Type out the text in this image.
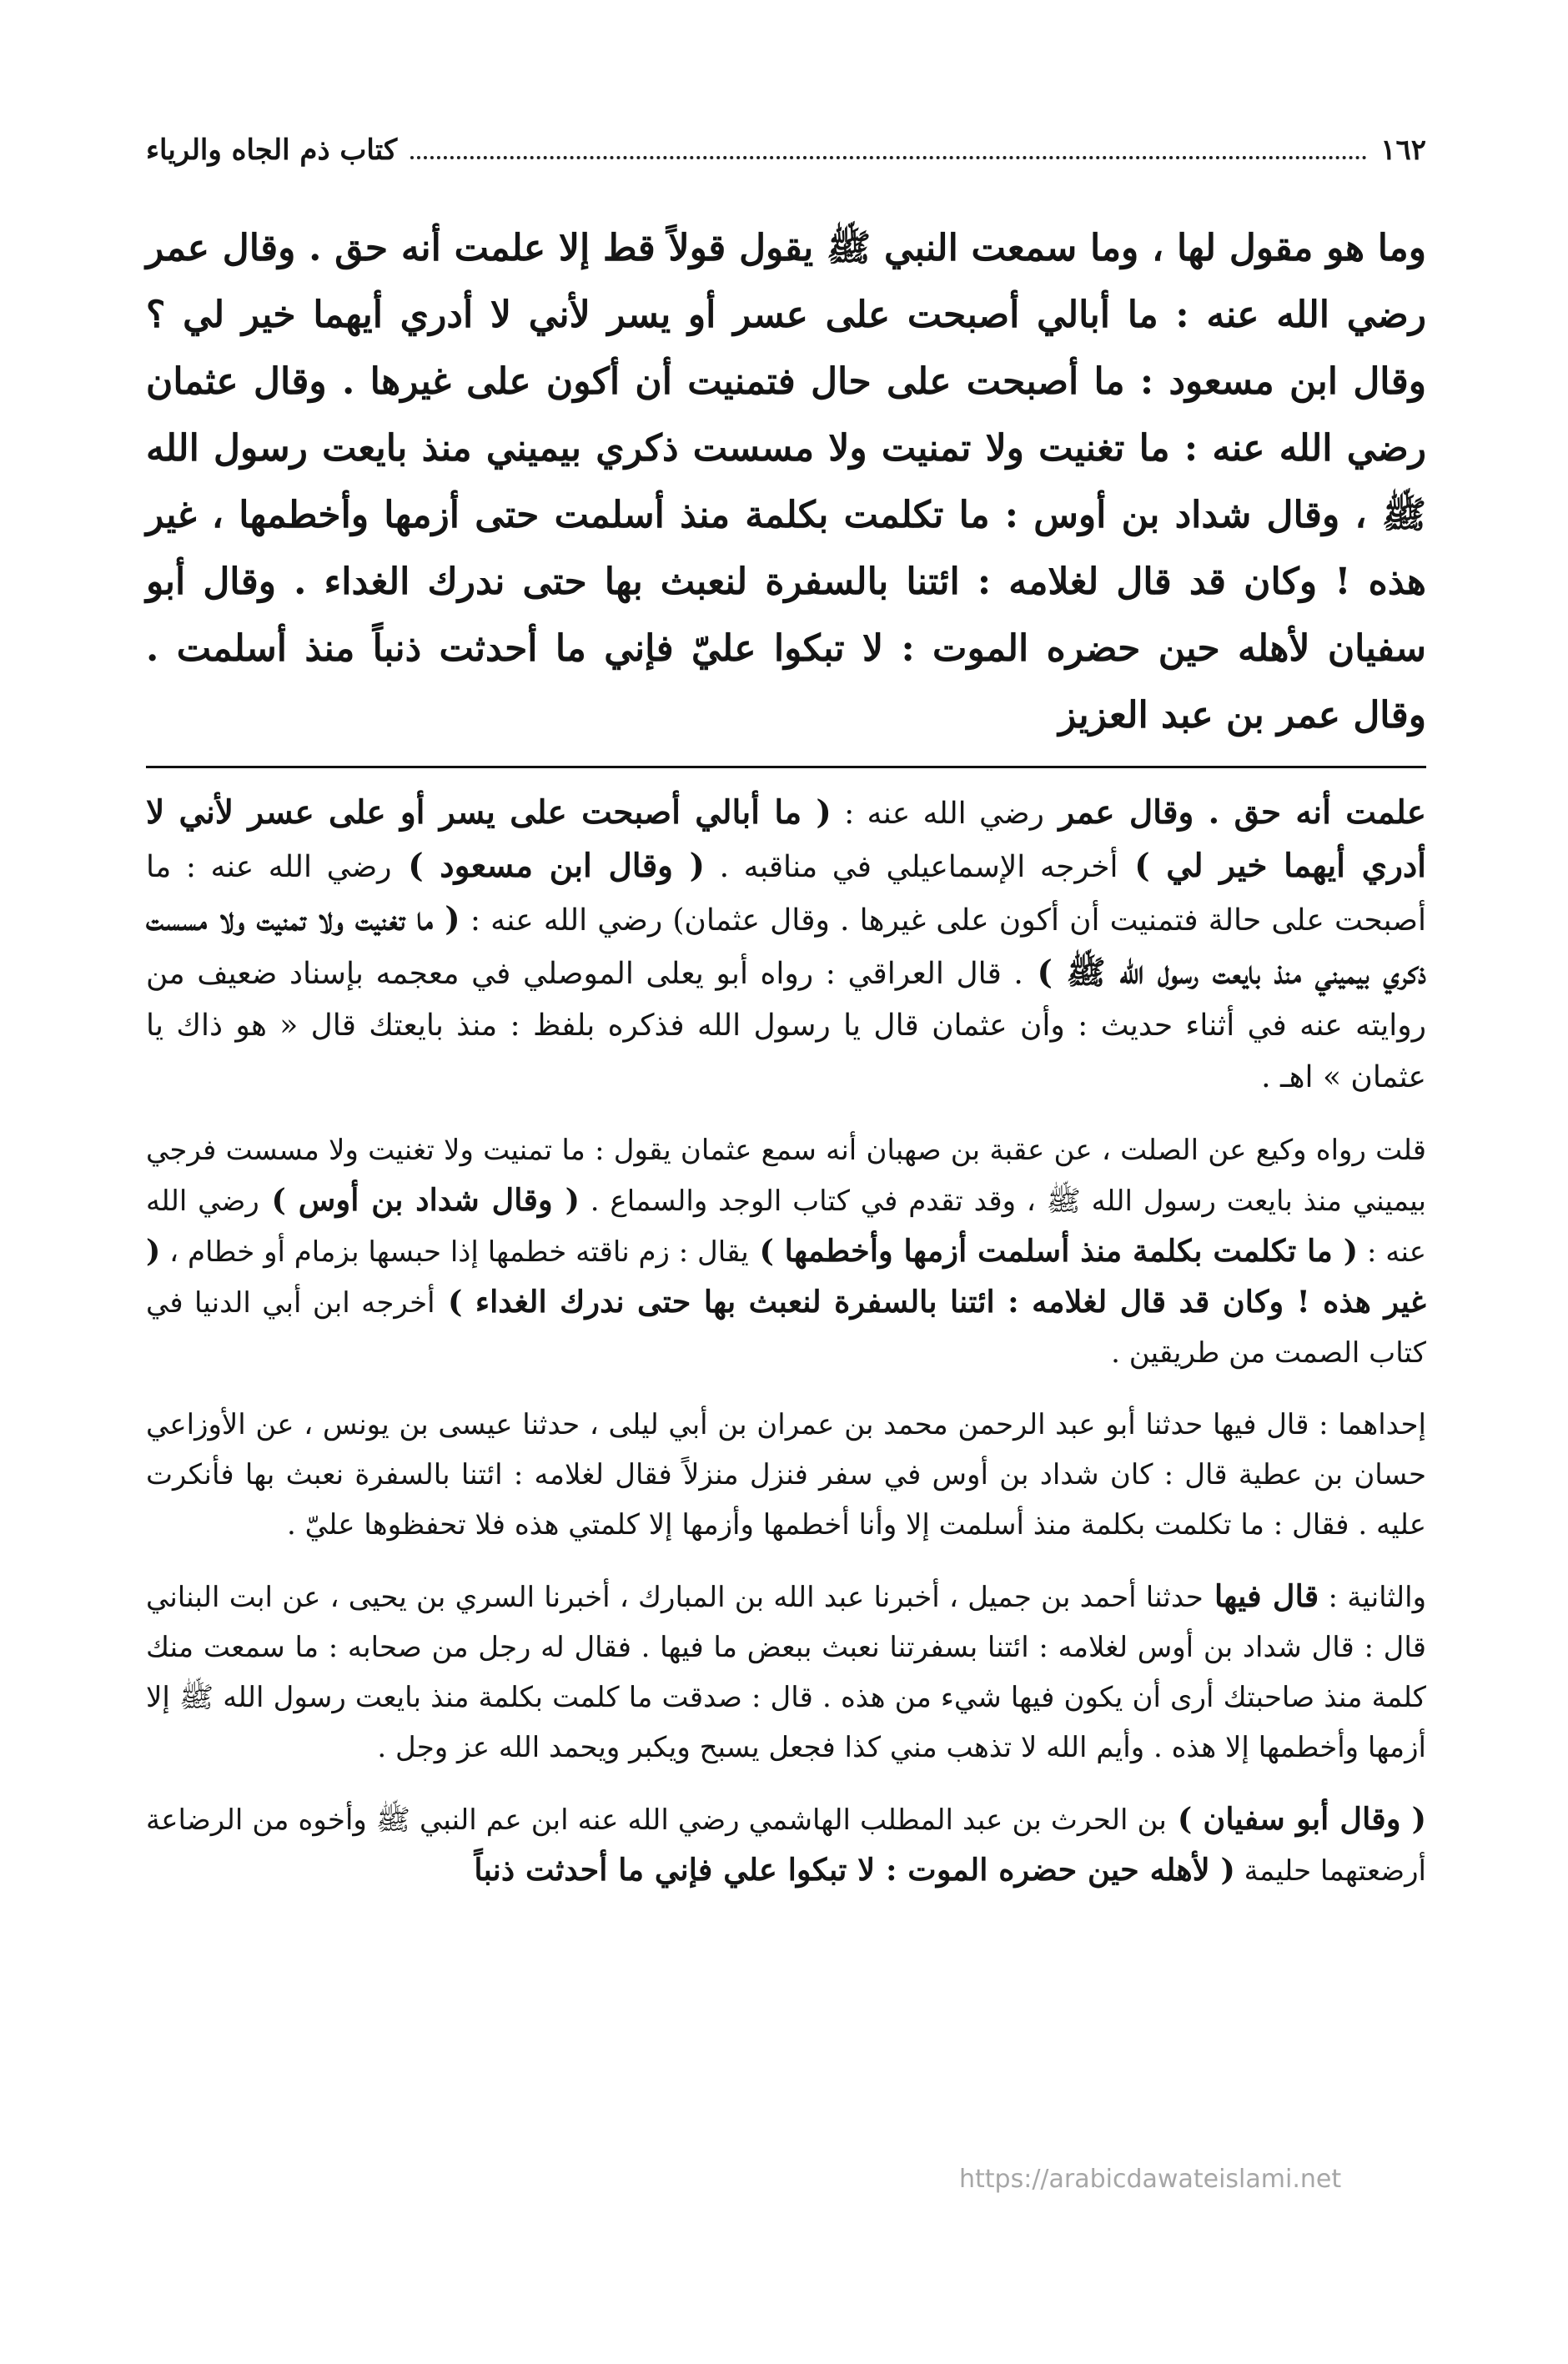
١٦٢
كتاب ذم الجاه والرياء

وما هو مقول لها ، وما سمعت النبي ﷺ يقول قولاً قط إلا علمت أنه حق . وقال عمر رضي الله عنه : ما أبالي أصبحت على عسر أو يسر لأني لا أدري أيهما خير لي ؟ وقال ابن مسعود : ما أصبحت على حال فتمنيت أن أكون على غيرها . وقال عثمان رضي الله عنه : ما تغنيت ولا تمنيت ولا مسست ذكري بيميني منذ بايعت رسول الله ﷺ ، وقال شداد بن أوس : ما تكلمت بكلمة منذ أسلمت حتى أزمها وأخطمها ، غير هذه ! وكان قد قال لغلامه : ائتنا بالسفرة لنعبث بها حتى ندرك الغداء . وقال أبو سفيان لأهله حين حضره الموت : لا تبكوا عليّ فإني ما أحدثت ذنباً منذ أسلمت . وقال عمر بن عبد العزيز

علمت أنه حق . وقال عمر رضي الله عنه : ( ما أبالي أصبحت على يسر أو على عسر لأني لا أدري أيهما خير لي ) أخرجه الإسماعيلي في مناقبه . ( وقال ابن مسعود ) رضي الله عنه : ما أصبحت على حالة فتمنيت أن أكون على غيرها . وقال عثمان) رضي الله عنه : ( ما تغنيت ولا تمنيت ولا مسست ذكري بيميني منذ بايعت رسول الله ﷺ ) . قال العراقي : رواه أبو يعلى الموصلي في معجمه بإسناد ضعيف من روايته عنه في أثناء حديث : وأن عثمان قال يا رسول الله فذكره بلفظ : منذ بايعتك قال « هو ذاك يا عثمان » اهـ .

قلت رواه وكيع عن الصلت ، عن عقبة بن صهبان أنه سمع عثمان يقول : ما تمنيت ولا تغنيت ولا مسست فرجي بيميني منذ بايعت رسول الله ﷺ ، وقد تقدم في كتاب الوجد والسماع . ( وقال شداد بن أوس ) رضي الله عنه : ( ما تكلمت بكلمة منذ أسلمت أزمها وأخطمها ) يقال : زم ناقته خطمها إذا حبسها بزمام أو خطام ، ( غير هذه ! وكان قد قال لغلامه : ائتنا بالسفرة لنعبث بها حتى ندرك الغداء ) أخرجه ابن أبي الدنيا في كتاب الصمت من طريقين .

إحداهما : قال فيها حدثنا أبو عبد الرحمن محمد بن عمران بن أبي ليلى ، حدثنا عيسى بن يونس ، عن الأوزاعي حسان بن عطية قال : كان شداد بن أوس في سفر فنزل منزلاً فقال لغلامه : ائتنا بالسفرة نعبث بها فأنكرت عليه . فقال : ما تكلمت بكلمة منذ أسلمت إلا وأنا أخطمها وأزمها إلا كلمتي هذه فلا تحفظوها عليّ .

والثانية : قال فيها حدثنا أحمد بن جميل ، أخبرنا عبد الله بن المبارك ، أخبرنا السري بن يحيى ، عن ابت البناني قال : قال شداد بن أوس لغلامه : ائتنا بسفرتنا نعبث ببعض ما فيها . فقال له رجل من صحابه : ما سمعت منك كلمة منذ صاحبتك أرى أن يكون فيها شيء من هذه . قال : صدقت ما كلمت بكلمة منذ بايعت رسول الله ﷺ إلا أزمها وأخطمها إلا هذه . وأيم الله لا تذهب مني كذا فجعل يسبح ويكبر ويحمد الله عز وجل .

( وقال أبو سفيان ) بن الحرث بن عبد المطلب الهاشمي رضي الله عنه ابن عم النبي ﷺ وأخوه من الرضاعة أرضعتهما حليمة ( لأهله حين حضره الموت : لا تبكوا علي فإني ما أحدثت ذنباً

https://arabicdawateislami.net
